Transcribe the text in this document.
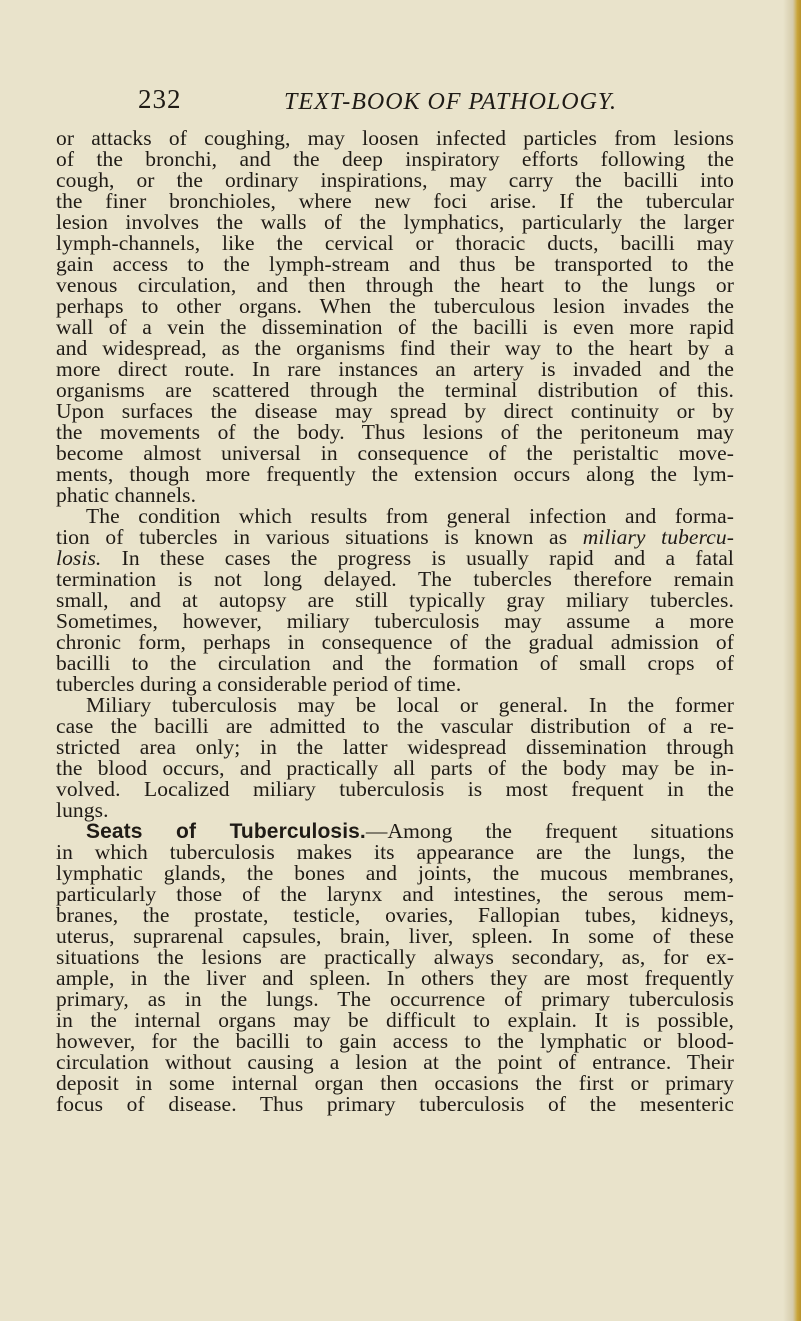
232	TEXT-BOOK OF PATHOLOGY.
or attacks of coughing, may loosen infected particles from lesions
of the bronchi, and the deep inspiratory efforts following the
cough, or the ordinary inspirations, may carry the bacilli into
the finer bronchioles, where new foci arise. If the tubercular
lesion involves the walls of the lymphatics, particularly the larger
lymph-channels, like the cervical or thoracic ducts, bacilli may
gain access to the lymph-stream and thus be transported to the
venous circulation, and then through the heart to the lungs or
perhaps to other organs. When the tuberculous lesion invades the
wall of a vein the dissemination of the bacilli is even more rapid
and widespread, as the organisms find their way to the heart by a
more direct route. In rare instances an artery is invaded and the
organisms are scattered through the terminal distribution of this.
Upon surfaces the disease may spread by direct continuity or by
the movements of the body. Thus lesions of the peritoneum may
become almost universal in consequence of the peristaltic move-
ments, though more frequently the extension occurs along the lym-
phatic channels.
The condition which results from general infection and forma-
tion of tubercles in various situations is known as miliary tubercu-
losis. In these cases the progress is usually rapid and a fatal
termination is not long delayed. The tubercles therefore remain
small, and at autopsy are still typically gray miliary tubercles.
Sometimes, however, miliary tuberculosis may assume a more
chronic form, perhaps in consequence of the gradual admission of
bacilli to the circulation and the formation of small crops of
tubercles during a considerable period of time.
Miliary tuberculosis may be local or general. In the former
case the bacilli are admitted to the vascular distribution of a re-
stricted area only; in the latter widespread dissemination through
the blood occurs, and practically all parts of the body may be in-
volved. Localized miliary tuberculosis is most frequent in the
lungs.
Seats of Tuberculosis.—Among the frequent situations
in which tuberculosis makes its appearance are the lungs, the
lymphatic glands, the bones and joints, the mucous membranes,
particularly those of the larynx and intestines, the serous mem-
branes, the prostate, testicle, ovaries, Fallopian tubes, kidneys,
uterus, suprarenal capsules, brain, liver, spleen. In some of these
situations the lesions are practically always secondary, as, for ex-
ample, in the liver and spleen. In others they are most frequently
primary, as in the lungs. The occurrence of primary tuberculosis
in the internal organs may be difficult to explain. It is possible,
however, for the bacilli to gain access to the lymphatic or blood-
circulation without causing a lesion at the point of entrance. Their
deposit in some internal organ then occasions the first or primary
focus of disease. Thus primary tuberculosis of the mesenteric
